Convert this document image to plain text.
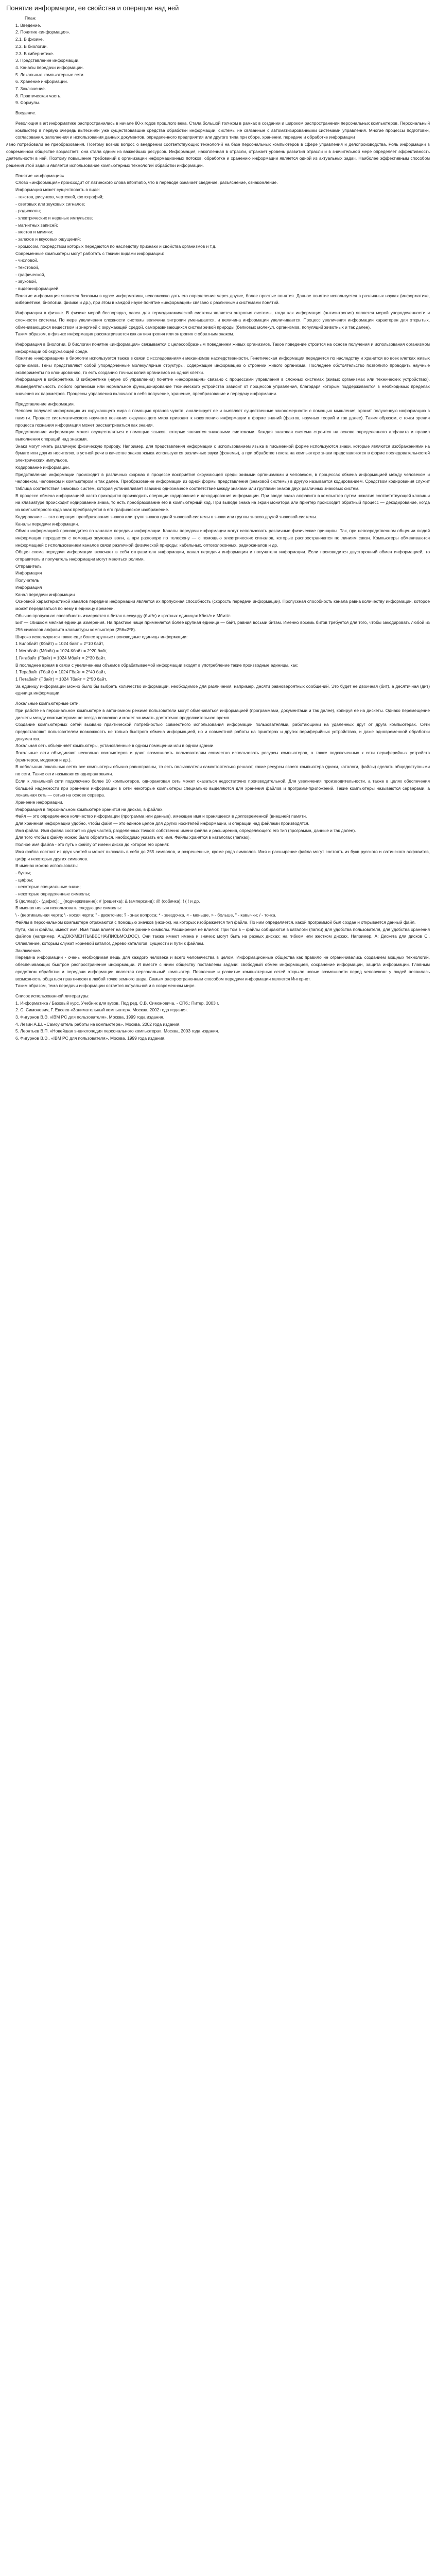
Понятие информации, ее свойства и операции над ней
План:
1. Введение.
2. Понятие «информация».
2.1. В физике.
2.2. В биологии.
2.3. В кибернетике.
3. Представление информации.
4. Каналы передачи информации.
5. Локальные компьютерные сети.
6. Хранение информации.
7. Заключение.
8. Практическая часть.
9. Формулы.
Введение.
Революция в art информатике распространилась в начале 80-х годов прошлого века. Стала большой толчком в рамках в создании и широком распространении персональных компьютеров. Персональный компьютер в первую очередь вытеснили уже существовавшие средства обработки информации, системы не связанные с автоматизированными системами управления. Многие процессы подготовки, согласования, заполнения и использования данных документов, определенного предприятия или другого типа при сборе, хранении, передаче и обработке информации
явно потребовали ее преобразования. Поэтому возник вопрос о внедрении соответствующих технологий на базе персональных компьютеров в сфере управления и делопроизводства. Роль информации в современном обществе возрастает: она стала одним из важнейших ресурсов. Информация, накопленная в отрасли, отражает уровень развития отрасли и в значительной мере определяет эффективность деятельности в ней. Поэтому повышение требований к организации информационных потоков, обработке и хранению информации является одной из актуальных задач. Наиболее эффективным способом решения этой задачи является использование компьютерных технологий обработки информации.
Понятие «информация»
Слово «информация» происходит от латинского слова informatio, что в переводе означает сведение, разъяснение, ознакомление.
Информация может существовать в виде:
- текстов, рисунков, чертежей, фотографий;
- световых или звуковых сигналов;
- радиоволн;
- электрических и нервных импульсов;
- магнитных записей;
- жестов и мимики;
- запахов и вкусовых ощущений;
- хромосом, посредством которых передаются по наследству признаки и свойства организмов и т.д.
Современные компьютеры могут работать с такими видами информации:
- числовой,
- текстовой,
- графической,
- звуковой,
- видеоинформацией.
Понятие информация является базовым в курсе информатики, невозможно дать его определение через другие, более простые понятия. Данное понятие используется в различных науках (информатике, кибернетике, биологии, физике и др.), при этом в каждой науке понятие «информация» связано с различными системами понятий.
Информация в физике. В физике мерой беспорядка, хаоса для термодинамической системы является энтропия системы, тогда как информация (антиэнтропия) является мерой упорядоченности и сложности системы. По мере увеличения сложности системы величина энтропии уменьшается, и величина информации увеличивается. Процесс увеличения информации характерен для открытых, обменивающихся веществом и энергией с окружающей средой, саморазвивающихся систем живой природы (белковых молекул, организмов, популяций животных и так далее).
Таким образом, в физике информация рассматривается как антиэнтропия или энтропия с обратным знаком.
Информация в биологии. В биологии понятие «информация» связывается с целесообразным поведением живых организмов. Такое поведение строится на основе получения и использования организмом информации об окружающей среде.
Понятие «информация» в биологии используется также в связи с исследованиями механизмов наследственности. Генетическая информация передается по наследству и хранится во всех клетках живых организмов. Гены представляют собой упорядоченные молекулярные структуры, содержащие информацию о строении живого организма. Последнее обстоятельство позволило проводить научные эксперименты по клонированию, то есть созданию точных копий организмов из одной клетки.
Информация в кибернетике. В кибернетике (науке об управлении) понятие «информация» связано с процессами управления в сложных системах (живых организмах или технических устройствах). Жизнедеятельность любого организма или нормальное функционирование технического устройства зависит от процессов управления, благодаря которым поддерживаются в необходимых пределах значения их параметров. Процессы управления включают в себя получение, хранение, преобразование и передачу информации.
Представление информации.
Человек получает информацию из окружающего мира с помощью органов чувств, анализирует ее и выявляет существенные закономерности с помощью мышления, хранит полученную информацию в памяти. Процесс систематического научного познания окружающего мира приводит к накоплению информации в форме знаний (фактов, научных теорий и так далее). Таким образом, с точки зрения процесса познания информация может рассматриваться как знания.
Представление информации может осуществляться с помощью языков, которые являются знаковыми системами. Каждая знаковая система строится на основе определенного алфавита и правил выполнения операций над знаками.
Знаки могут иметь различную физическую природу. Например, для представления информации с использованием языка в письменной форме используются знаки, которые являются изображениями на бумаге или других носителях, в устной речи в качестве знаков языка используются различные звуки (фонемы), а при обработке текста на компьютере знаки представляются в форме последовательностей электрических импульсов.
Кодирование информации.
Представление информации происходит в различных формах в процессе восприятия окружающей среды живыми организмами и человеком, в процессах обмена информацией между человеком и человеком, человеком и компьютером и так далее. Преобразование информации из одной формы представления (знаковой системы) в другую называется кодированием. Средством кодирования служит таблица соответствия знаковых систем, которая устанавливает взаимно однозначное соответствие между знаками или группами знаков двух различных знаковых систем.
В процессе обмена информацией часто приходится производить операции кодирования и декодирования информации. При вводе знака алфавита в компьютер путем нажатия соответствующей клавиши на клавиатуре происходит кодирование знака, то есть преобразование его в компьютерный код. При выводе знака на экран монитора или принтер происходит обратный процесс — декодирование, когда из компьютерного кода знак преобразуется в его графическое изображение.
Кодирование — это операция преобразования знаков или групп знаков одной знаковой системы в знаки или группы знаков другой знаковой системы.
Каналы передачи информации.
Обмен информацией производится по каналам передачи информации. Каналы передачи информации могут использовать различные физические принципы. Так, при непосредственном общении людей информация передается с помощью звуковых волн, а при разговоре по телефону — с помощью электрических сигналов, которые распространяются по линиям связи. Компьютеры обмениваются информацией с использованием каналов связи различной физической природы: кабельных, оптоволоконных, радиоканалов и др.
Общая схема передачи информации включает в себя отправителя информации, канал передачи информации и получателя информации. Если производится двусторонний обмен информацией, то отправитель и получатель информации могут меняться ролями.
Отправитель
Информация
Получатель
Информация
Канал передачи информации
Основной характеристикой каналов передачи информации является их пропускная способность (скорость передачи информации). Пропускная способность канала равна количеству информации, которое может передаваться по нему в единицу времени.
Обычно пропускная способность измеряется в битах в секунду (бит/с) и кратных единицах Кбит/с и Мбит/с.
Бит — слишком мелкая единица измерения. На практике чаще применяется более крупная единица — байт, равная восьми битам. Именно восемь битов требуется для того, чтобы закодировать любой из 256 символов алфавита клавиатуры компьютера (256=2^8).
Широко используются также еще более крупные производные единицы информации:
1 Килобайт (Кбайт) = 1024 байт = 2^10 байт,
1 Мегабайт (Мбайт) = 1024 Кбайт = 2^20 байт,
1 Гигабайт (Гбайт) = 1024 Мбайт = 2^30 байт.
В последнее время в связи с увеличением объемов обрабатываемой информации входят в употребление такие производные единицы, как:
1 Терабайт (Тбайт) = 1024 Гбайт = 2^40 байт,
1 Петабайт (Пбайт) = 1024 Тбайт = 2^50 байт.
За единицу информации можно было бы выбрать количество информации, необходимое для различения, например, десяти равновероятных сообщений. Это будет не двоичная (бит), а десятичная (дит) единица информации.
Локальные компьютерные сети.
При работе на персональном компьютере в автономном режиме пользователи могут обмениваться информацией (программами, документами и так далее), копируя ее на дискеты. Однако перемещение дискеты между компьютерами не всегда возможно и может занимать достаточно продолжительное время.
Создание компьютерных сетей вызвано практической потребностью совместного использования информации пользователями, работающими на удаленных друг от друга компьютерах. Сети предоставляют пользователям возможность не только быстрого обмена информацией, но и совместной работы на принтерах и других периферийных устройствах, и даже одновременной обработки документов.
Локальная сеть объединяет компьютеры, установленные в одном помещении или в одном здании.
Локальные сети объединяют несколько компьютеров и дают возможность пользователям совместно использовать ресурсы компьютеров, а также подключенных к сети периферийных устройств (принтеров, модемов и др.).
В небольших локальных сетях все компьютеры обычно равноправны, то есть пользователи самостоятельно решают, какие ресурсы своего компьютера (диски, каталоги, файлы) сделать общедоступными по сети. Такие сети называются одноранговыми.
Если к локальной сети подключено более 10 компьютеров, одноранговая сеть может оказаться недостаточно производительной. Для увеличения производительности, а также в целях обеспечения большей надежности при хранении информации в сети некоторые компьютеры специально выделяются для хранения файлов и программ-приложений. Такие компьютеры называются серверами, а локальная сеть — сетью на основе сервера.
Хранение информации.
Информация в персональном компьютере хранится на дисках, в файлах.
Файл — это определенное количество информации (программа или данные), имеющее имя и хранящееся в долговременной (внешней) памяти.
Для хранения информации удобно, чтобы файл — это единое целое для других носителей информации, и операции над файлами производятся.
Имя файла. Имя файла состоит из двух частей, разделенных точкой: собственно имени файла и расширения, определяющего его тип (программа, данные и так далее).
Для того чтобы к файлу можно было обратиться, необходимо указать его имя. Файлы хранятся в каталогах (папках).
Полное имя файла - это путь к файлу от имени диска до которое его хранят.
Имя файла состоит из двух частей и может включать в себя до 255 символов, и разрешенные, кроме ряда символов. Имя и расширение файла могут состоять из букв русского и латинского алфавитов, цифр и некоторых других символов.
В именах можно использовать:
- буквы;
- цифры;
- некоторые специальные знаки;
- некоторые определенные символы;
$ (доллар); - (дефис); _ (подчеркивание); # (решетка); & (амперсанд); @ (собачка); ! ( ! и др.
В именах нельзя использовать следующие символы:
\ - (вертикальная черта; \ - косая черта; " - двоеточие; ? - знак вопроса; * - звездочка, < - меньше, > - больше, " - кавычки; / - точка.
Файлы в персональном компьютере отражаются с помощью значков (иконок), на которых изображается тип файла. По ним определяется, какой программой был создан и открывается данный файл.
Пути, как и файлы, имеют имя. Имя тома влияет на более ранние символы. Расширения не влияют. При том в – файлы собираются в каталоги (папки) для удобства пользователя, для удобства хранения файлов (например, А:\ДОКУМЕНТЫ\ВЕСНА\ПИСЬМО.DOC). Они также имеют имена и значки; могут быть на разных дисках: на гибком или жестком дисках. Например, А: Дискета для дисков С:. Оглавление, которым служат корневой каталог, дерево каталогов, сущности и пути к файлам.
Заключение.
Передача информации - очень необходимая вещь для каждого человека и всего человечества в целом. Информационные общества как правило не ограничивались созданием мощных технологий, обеспечивающих быстрое распространение информации. И вместе с ними обществу поставлены задачи: свободный обмен информацией, сохранение информации, защита информации. Главным средством обработки и передачи информации является персональный компьютер. Появление и развитие компьютерных сетей открыло новые возможности перед человеком: у людей появилась возможность общаться практически в любой точке земного шара. Самым распространенным способом передачи информации является Интернет.
Таким образом, тема передачи информации остается актуальной и в современном мире.
Список использованной литературы:
1. Информатика / Базовый курс. Учебник для вузов. Под ред. С.В. Симоновича. - СПб.: Питер, 2003 г.
2. С. Симонович, Г. Евсеев «Занимательный компьютер». Москва, 2002 года издания.
3. Фигурнов В.Э. «IBM PC для пользователя». Москва, 1999 года издания.
4. Левин А.Ш. «Самоучитель работы на компьютере». Москва, 2002 года издания.
5. Леонтьев В.П. «Новейшая энциклопедия персонального компьютера». Москва, 2003 года издания.
6. Фигурнов В.Э., «IBM PC для пользователя». Москва, 1999 года издания.
